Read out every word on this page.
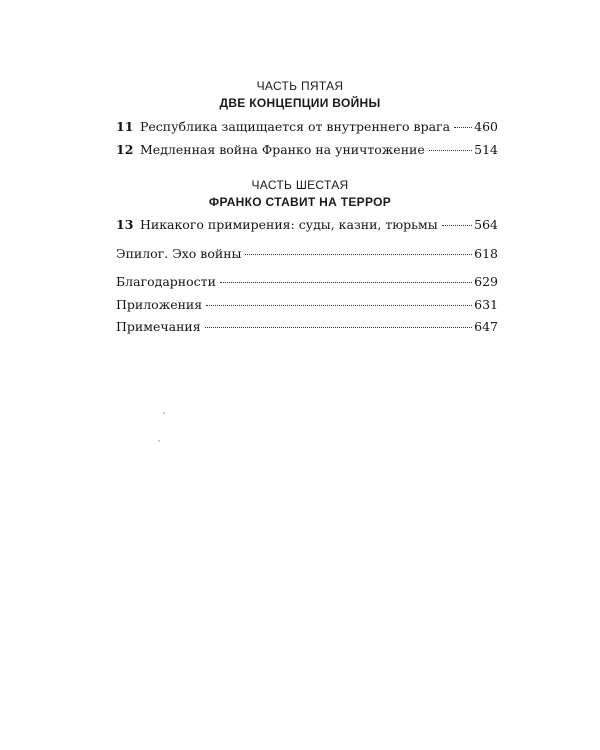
ЧАСТЬ ПЯТАЯ
ДВЕ КОНЦЕПЦИИ ВОЙНЫ
11 Республика защищается от внутреннего врага 460
12 Медленная война Франко на уничтожение	514
ЧАСТЬ ШЕСТАЯ
ФРАНКО СТАВИТ НА ТЕРРОР
13 Никакого примирения: суды, казни, тюрьмы	564
Эпилог. Эхо войны	618
Благодарности	629
Приложения	631
Примечания	647
